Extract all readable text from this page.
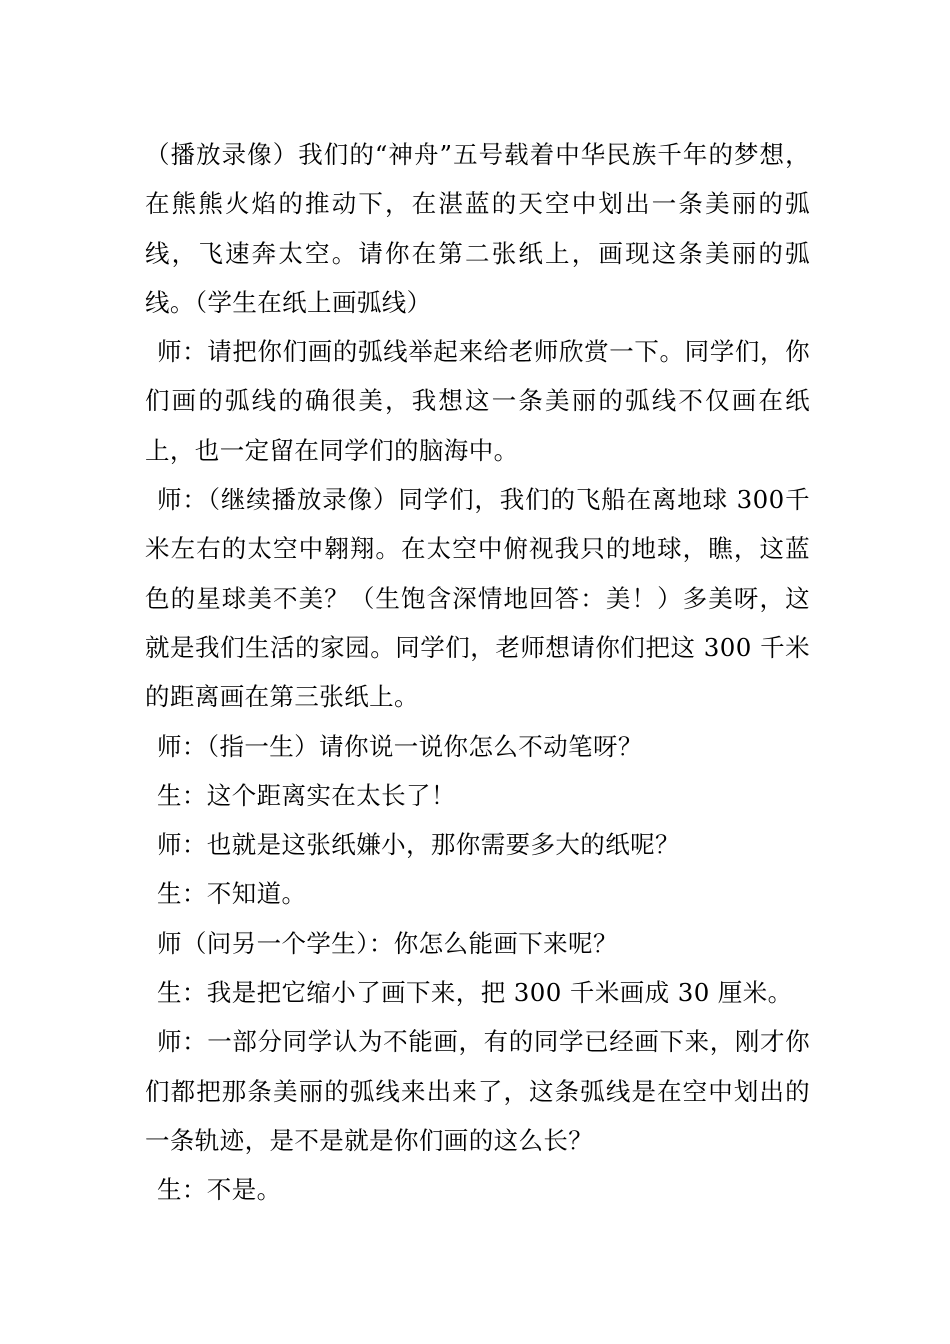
（播放录像）我们的“神舟”五号载着中华民族千年的梦想，在熊熊火焰的推动下，在湛蓝的天空中划出一条美丽的弧线，飞速奔太空。请你在第二张纸上，画现这条美丽的弧线。（学生在纸上画弧线）

师：请把你们画的弧线举起来给老师欣赏一下。同学们，你们画的弧线的确很美，我想这一条美丽的弧线不仅画在纸上，也一定留在同学们的脑海中。

师：（继续播放录像）同学们，我们的飞船在离地球 300千米左右的太空中翱翔。在太空中俯视我只的地球，瞧，这蓝色的星球美不美？（生饱含深情地回答：美！）多美呀，这就是我们生活的家园。同学们，老师想请你们把这 300 千米的距离画在第三张纸上。

师：（指一生）请你说一说你怎么不动笔呀？

生：这个距离实在太长了！

师：也就是这张纸嫌小，那你需要多大的纸呢？

生：不知道。

师（问另一个学生）：你怎么能画下来呢？

生：我是把它缩小了画下来，把 300 千米画成 30 厘米。

师：一部分同学认为不能画，有的同学已经画下来，刚才你们都把那条美丽的弧线来出来了，这条弧线是在空中划出的一条轨迹，是不是就是你们画的这么长？

生：不是。
